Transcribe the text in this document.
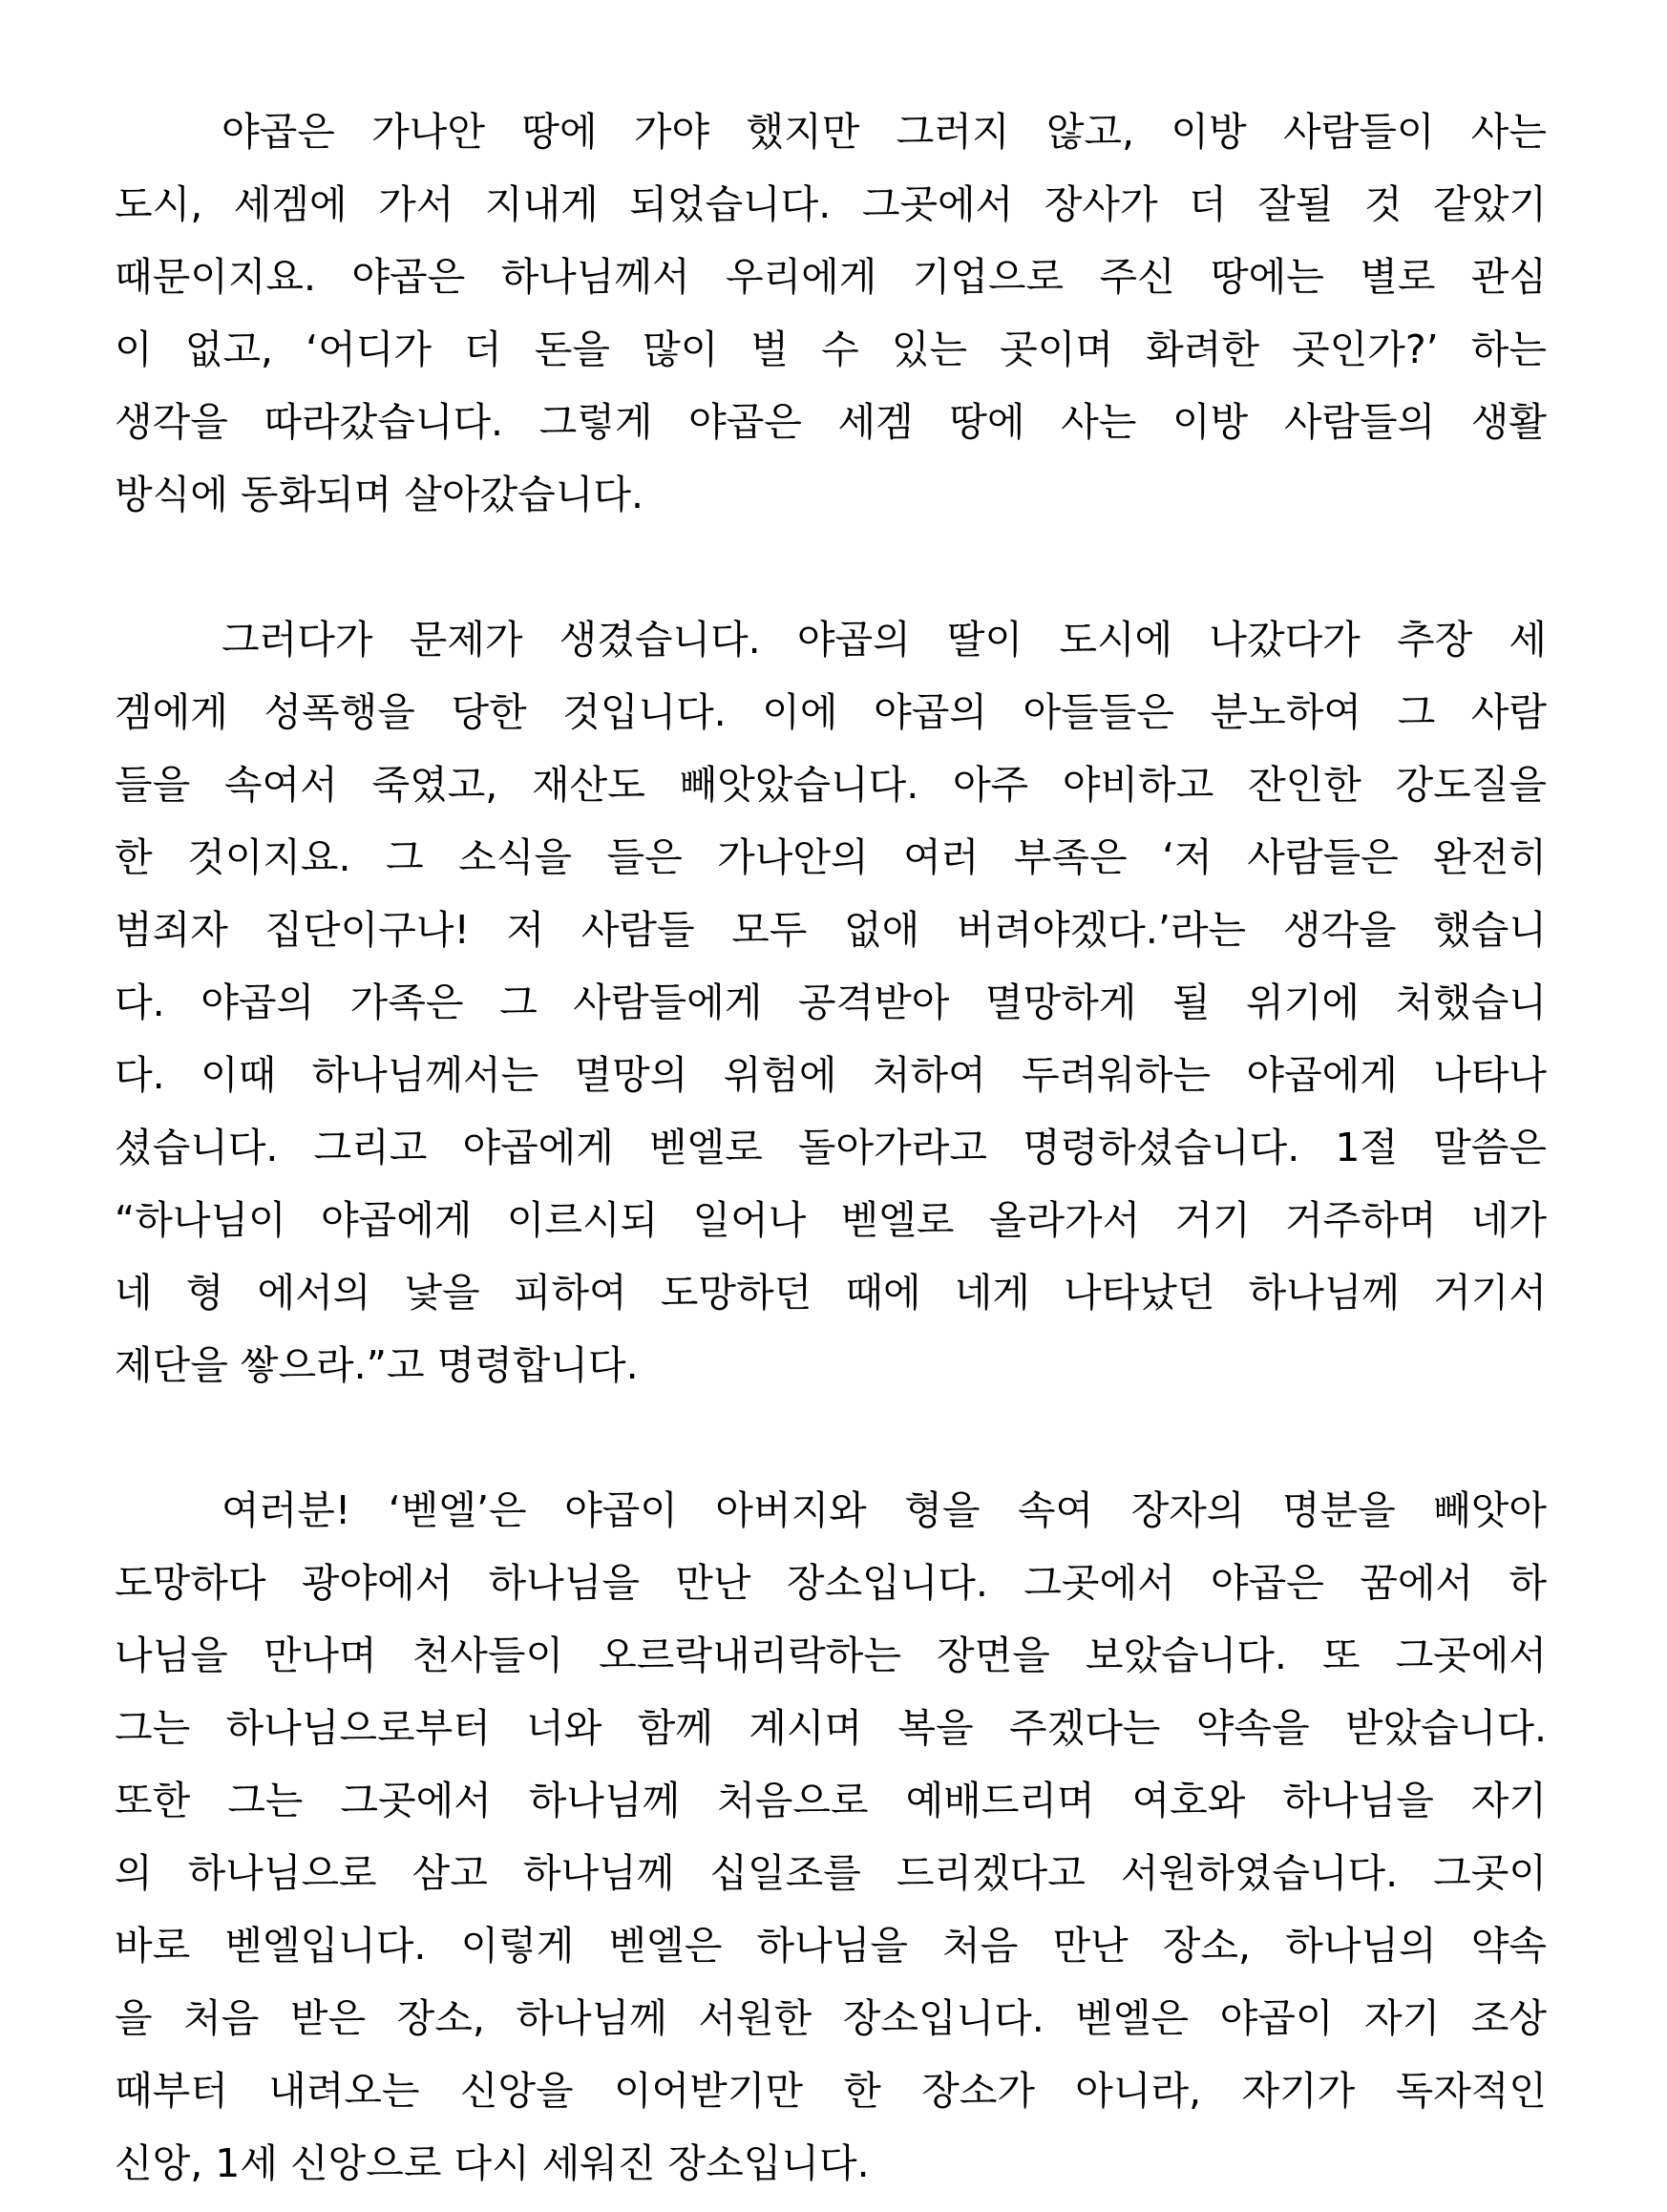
야곱은 가나안 땅에 가야 했지만 그러지 않고, 이방 사람들이 사는
도시, 세겜에 가서 지내게 되었습니다. 그곳에서 장사가 더 잘될 것 같았기
때문이지요. 야곱은 하나님께서 우리에게 기업으로 주신 땅에는 별로 관심
이 없고, ‘어디가 더 돈을 많이 벌 수 있는 곳이며 화려한 곳인가?’ 하는
생각을 따라갔습니다. 그렇게 야곱은 세겜 땅에 사는 이방 사람들의 생활
방식에 동화되며 살아갔습니다.

그러다가 문제가 생겼습니다. 야곱의 딸이 도시에 나갔다가 추장 세
겜에게 성폭행을 당한 것입니다. 이에 야곱의 아들들은 분노하여 그 사람
들을 속여서 죽였고, 재산도 빼앗았습니다. 아주 야비하고 잔인한 강도질을
한 것이지요. 그 소식을 들은 가나안의 여러 부족은 ‘저 사람들은 완전히
범죄자 집단이구나! 저 사람들 모두 없애 버려야겠다.’라는 생각을 했습니
다. 야곱의 가족은 그 사람들에게 공격받아 멸망하게 될 위기에 처했습니
다. 이때 하나님께서는 멸망의 위험에 처하여 두려워하는 야곱에게 나타나
셨습니다. 그리고 야곱에게 벧엘로 돌아가라고 명령하셨습니다. 1절 말씀은
“하나님이 야곱에게 이르시되 일어나 벧엘로 올라가서 거기 거주하며 네가
네 형 에서의 낯을 피하여 도망하던 때에 네게 나타났던 하나님께 거기서
제단을 쌓으라.”고 명령합니다.

여러분! ‘벧엘’은 야곱이 아버지와 형을 속여 장자의 명분을 빼앗아
도망하다 광야에서 하나님을 만난 장소입니다. 그곳에서 야곱은 꿈에서 하
나님을 만나며 천사들이 오르락내리락하는 장면을 보았습니다. 또 그곳에서
그는 하나님으로부터 너와 함께 계시며 복을 주겠다는 약속을 받았습니다.
또한 그는 그곳에서 하나님께 처음으로 예배드리며 여호와 하나님을 자기
의 하나님으로 삼고 하나님께 십일조를 드리겠다고 서원하였습니다. 그곳이
바로 벧엘입니다. 이렇게 벧엘은 하나님을 처음 만난 장소, 하나님의 약속
을 처음 받은 장소, 하나님께 서원한 장소입니다. 벧엘은 야곱이 자기 조상
때부터 내려오는 신앙을 이어받기만 한 장소가 아니라, 자기가 독자적인
신앙, 1세 신앙으로 다시 세워진 장소입니다.
